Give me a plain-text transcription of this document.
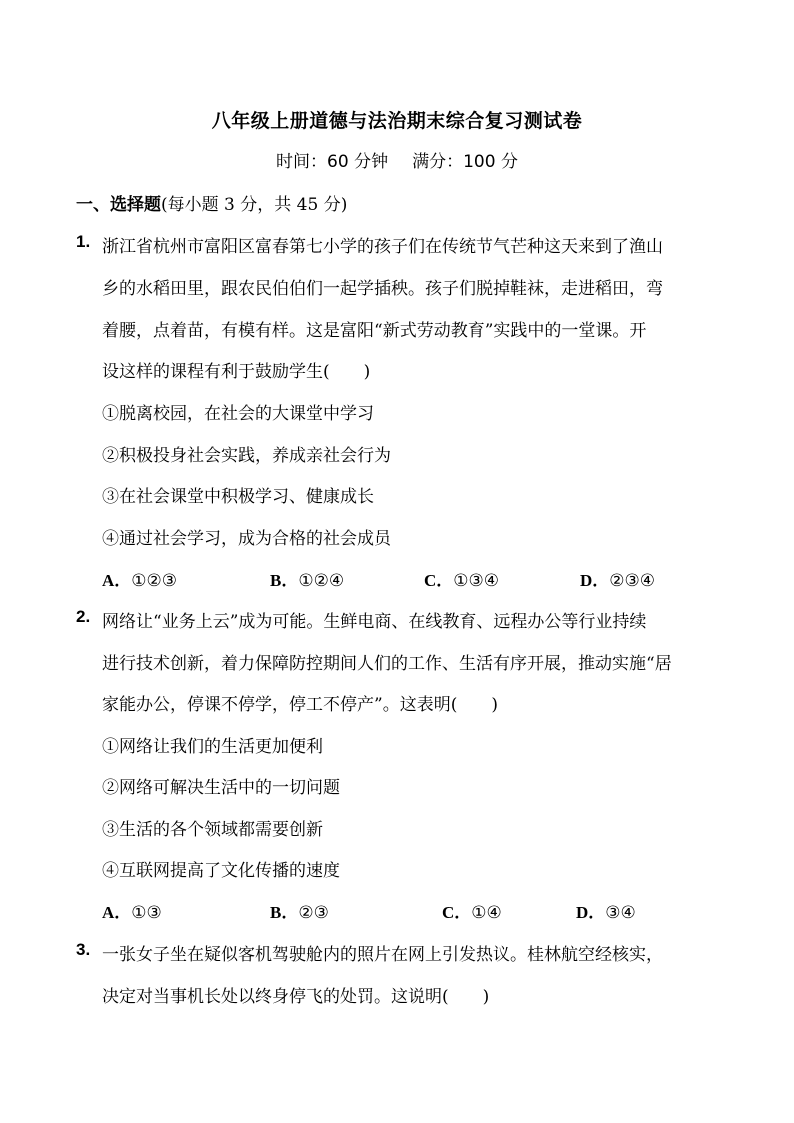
八年级上册道德与法治期末综合复习测试卷
时间：60 分钟 满分：100 分
一、选择题(每小题 3 分，共 45 分)
1. 浙江省杭州市富阳区富春第七小学的孩子们在传统节气芒种这天来到了渔山
乡的水稻田里，跟农民伯伯们一起学插秧。孩子们脱掉鞋袜，走进稻田，弯
着腰，点着苗，有模有样。这是富阳“新式劳动教育”实践中的一堂课。开
设这样的课程有利于鼓励学生(　　)
①脱离校园，在社会的大课堂中学习
②积极投身社会实践，养成亲社会行为
③在社会课堂中积极学习、健康成长
④通过社会学习，成为合格的社会成员
A．①②③	B．①②④	C．①③④	D．②③④
2. 网络让“业务上云”成为可能。生鲜电商、在线教育、远程办公等行业持续
进行技术创新，着力保障防控期间人们的工作、生活有序开展，推动实施“居
家能办公，停课不停学，停工不停产”。这表明(　　)
①网络让我们的生活更加便利
②网络可解决生活中的一切问题
③生活的各个领域都需要创新
④互联网提高了文化传播的速度
A．①③	B．②③	C．①④	D．③④
3. 一张女子坐在疑似客机驾驶舱内的照片在网上引发热议。桂林航空经核实，
决定对当事机长处以终身停飞的处罚。这说明(　　)
